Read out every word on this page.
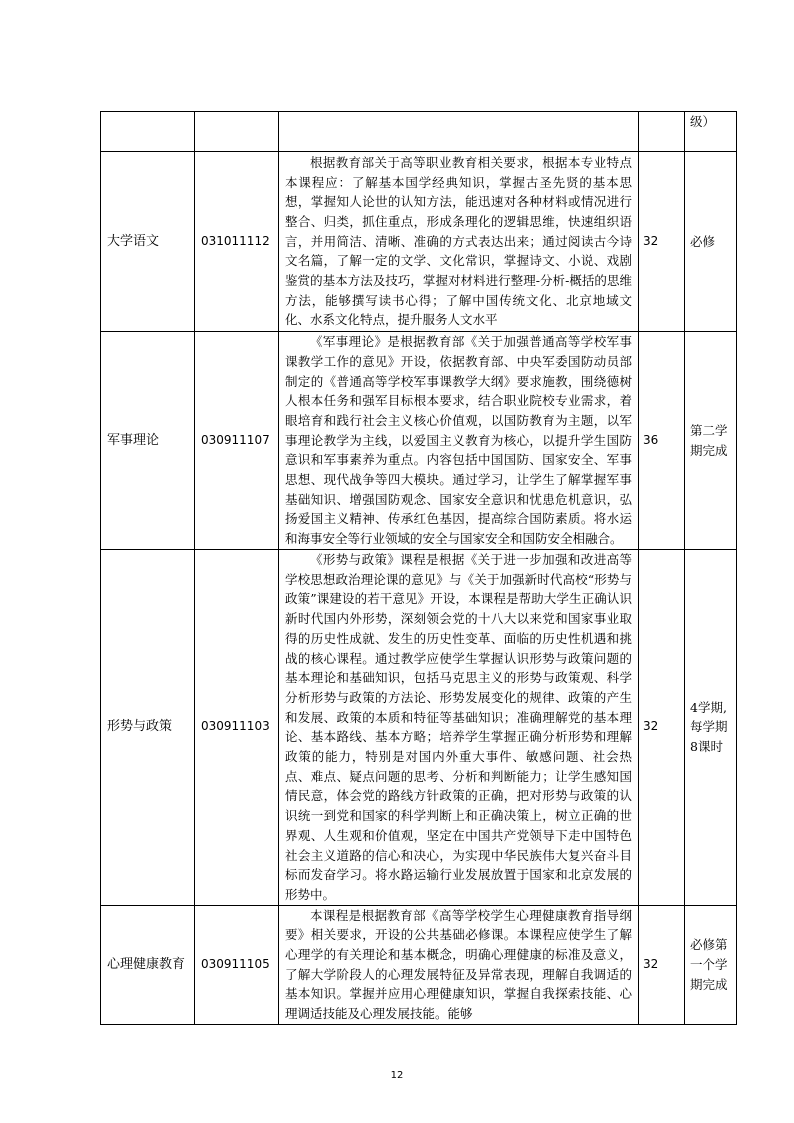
				级）
大学语文	031011112	根据教育部关于高等职业教育相关要求，根据本专业特点本课程应：了解基本国学经典知识，掌握古圣先贤的基本思想，掌握知人论世的认知方法，能迅速对各种材料或情况进行整合、归类，抓住重点，形成条理化的逻辑思维，快速组织语言，并用简洁、清晰、准确的方式表达出来；通过阅读古今诗文名篇，了解一定的文学、文化常识，掌握诗文、小说、戏剧鉴赏的基本方法及技巧，掌握对材料进行整理-分析-概括的思维方法，能够撰写读书心得；了解中国传统文化、北京地域文化、水系文化特点，提升服务人文水平	32	必修
军事理论	030911107	《军事理论》是根据教育部《关于加强普通高等学校军事课教学工作的意见》开设，依据教育部、中央军委国防动员部制定的《普通高等学校军事课教学大纲》要求施教，围绕德树人根本任务和强军目标根本要求，结合职业院校专业需求，着眼培育和践行社会主义核心价值观，以国防教育为主题，以军事理论教学为主线，以爱国主义教育为核心，以提升学生国防意识和军事素养为重点。内容包括中国国防、国家安全、军事思想、现代战争等四大模块。通过学习，让学生了解掌握军事基础知识、增强国防观念、国家安全意识和忧患危机意识，弘扬爱国主义精神、传承红色基因，提高综合国防素质。将水运和海事安全等行业领域的安全与国家安全和国防安全相融合。	36	第二学期完成
形势与政策	030911103	《形势与政策》课程是根据《关于进一步加强和改进高等学校思想政治理论课的意见》与《关于加强新时代高校“形势与政策”课建设的若干意见》开设，本课程是帮助大学生正确认识新时代国内外形势，深刻领会党的十八大以来党和国家事业取得的历史性成就、发生的历史性变革、面临的历史性机遇和挑战的核心课程。通过教学应使学生掌握认识形势与政策问题的基本理论和基础知识，包括马克思主义的形势与政策观、科学分析形势与政策的方法论、形势发展变化的规律、政策的产生和发展、政策的本质和特征等基础知识；准确理解党的基本理论、基本路线、基本方略；培养学生掌握正确分析形势和理解政策的能力，特别是对国内外重大事件、敏感问题、社会热点、难点、疑点问题的思考、分析和判断能力；让学生感知国情民意，体会党的路线方针政策的正确，把对形势与政策的认识统一到党和国家的科学判断上和正确决策上，树立正确的世界观、人生观和价值观，坚定在中国共产党领导下走中国特色社会主义道路的信心和决心，为实现中华民族伟大复兴奋斗目标而发奋学习。将水路运输行业发展放置于国家和北京发展的形势中。	32	4学期,每学期8课时
心理健康教育	030911105	本课程是根据教育部《高等学校学生心理健康教育指导纲要》相关要求，开设的公共基础必修课。本课程应使学生了解心理学的有关理论和基本概念，明确心理健康的标准及意义，了解大学阶段人的心理发展特征及异常表现，理解自我调适的基本知识。掌握并应用心理健康知识，掌握自我探索技能、心理调适技能及心理发展技能。能够	32	必修第一个学期完成
12
